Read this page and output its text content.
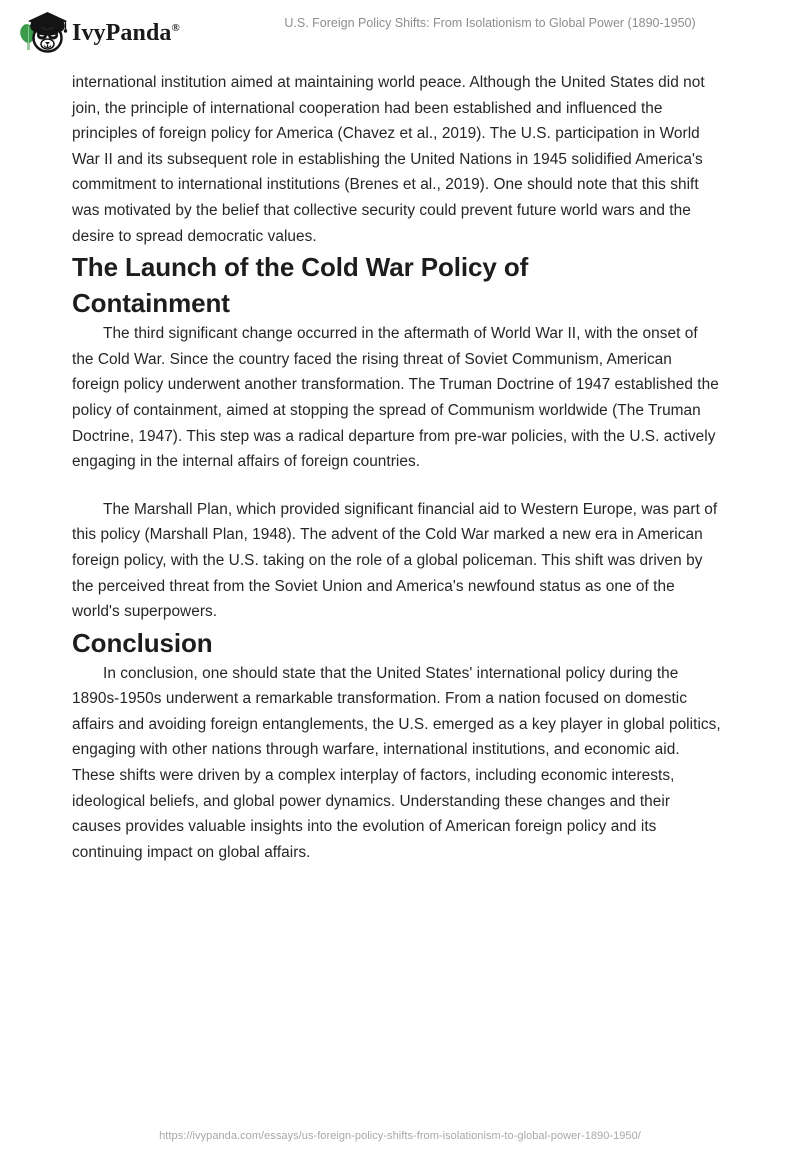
IvyPanda®	U.S. Foreign Policy Shifts: From Isolationism to Global Power (1890-1950)

international institution aimed at maintaining world peace. Although the United States did not join, the principle of international cooperation had been established and influenced the principles of foreign policy for America (Chavez et al., 2019). The U.S. participation in World War II and its subsequent role in establishing the United Nations in 1945 solidified America's commitment to international institutions (Brenes et al., 2019). One should note that this shift was motivated by the belief that collective security could prevent future world wars and the desire to spread democratic values.

The Launch of the Cold War Policy of Containment

The third significant change occurred in the aftermath of World War II, with the onset of the Cold War. Since the country faced the rising threat of Soviet Communism, American foreign policy underwent another transformation. The Truman Doctrine of 1947 established the policy of containment, aimed at stopping the spread of Communism worldwide (The Truman Doctrine, 1947). This step was a radical departure from pre-war policies, with the U.S. actively engaging in the internal affairs of foreign countries.

The Marshall Plan, which provided significant financial aid to Western Europe, was part of this policy (Marshall Plan, 1948). The advent of the Cold War marked a new era in American foreign policy, with the U.S. taking on the role of a global policeman. This shift was driven by the perceived threat from the Soviet Union and America's newfound status as one of the world's superpowers.

Conclusion

In conclusion, one should state that the United States' international policy during the 1890s-1950s underwent a remarkable transformation. From a nation focused on domestic affairs and avoiding foreign entanglements, the U.S. emerged as a key player in global politics, engaging with other nations through warfare, international institutions, and economic aid. These shifts were driven by a complex interplay of factors, including economic interests, ideological beliefs, and global power dynamics. Understanding these changes and their causes provides valuable insights into the evolution of American foreign policy and its continuing impact on global affairs.

https://ivypanda.com/essays/us-foreign-policy-shifts-from-isolationism-to-global-power-1890-1950/
